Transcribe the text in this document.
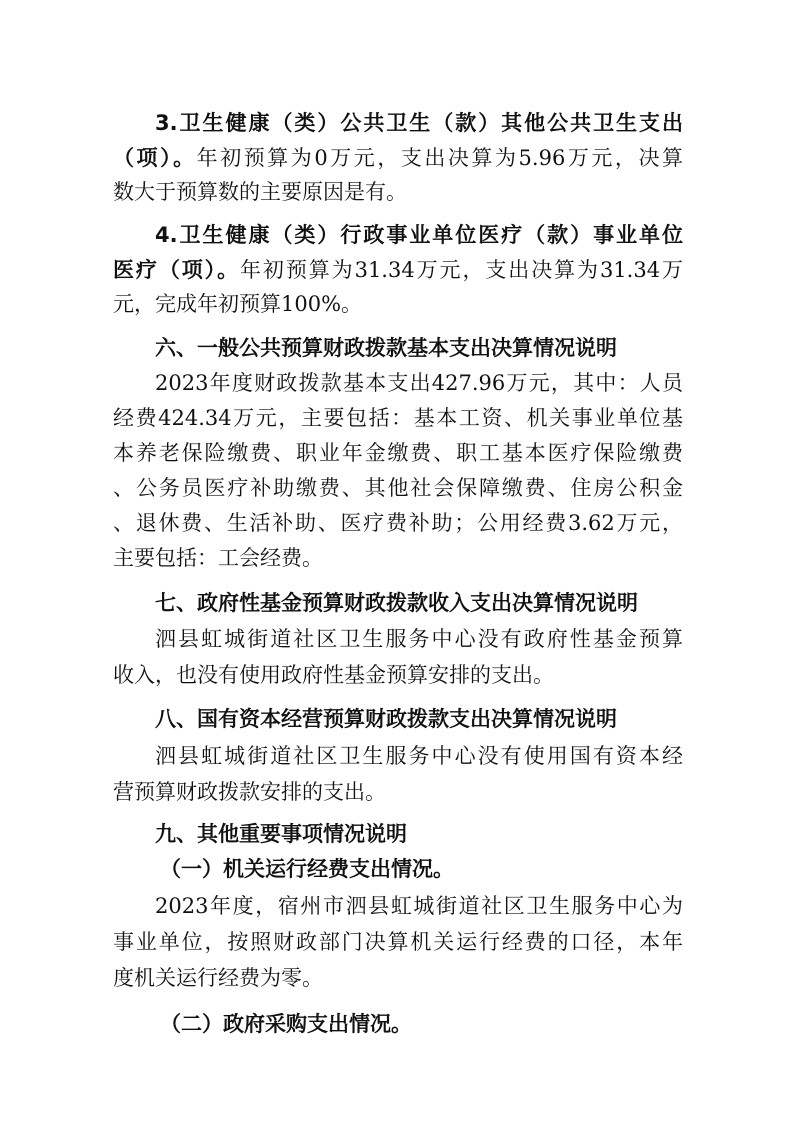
3.卫生健康（类）公共卫生（款）其他公共卫生支出
（项）。年初预算为0万元，支出决算为5.96万元，决算
数大于预算数的主要原因是有。
4.卫生健康（类）行政事业单位医疗（款）事业单位
医疗（项）。年初预算为31.34万元，支出决算为31.34万
元，完成年初预算100%。
六、一般公共预算财政拨款基本支出决算情况说明
2023年度财政拨款基本支出427.96万元，其中：人员
经费424.34万元，主要包括：基本工资、机关事业单位基
本养老保险缴费、职业年金缴费、职工基本医疗保险缴费
、公务员医疗补助缴费、其他社会保障缴费、住房公积金
、退休费、生活补助、医疗费补助；公用经费3.62万元，
主要包括：工会经费。
七、政府性基金预算财政拨款收入支出决算情况说明
泗县虹城街道社区卫生服务中心没有政府性基金预算
收入，也没有使用政府性基金预算安排的支出。
八、国有资本经营预算财政拨款支出决算情况说明
泗县虹城街道社区卫生服务中心没有使用国有资本经
营预算财政拨款安排的支出。
九、其他重要事项情况说明
（一）机关运行经费支出情况。
2023年度，宿州市泗县虹城街道社区卫生服务中心为
事业单位，按照财政部门决算机关运行经费的口径，本年
度机关运行经费为零。
（二）政府采购支出情况。
